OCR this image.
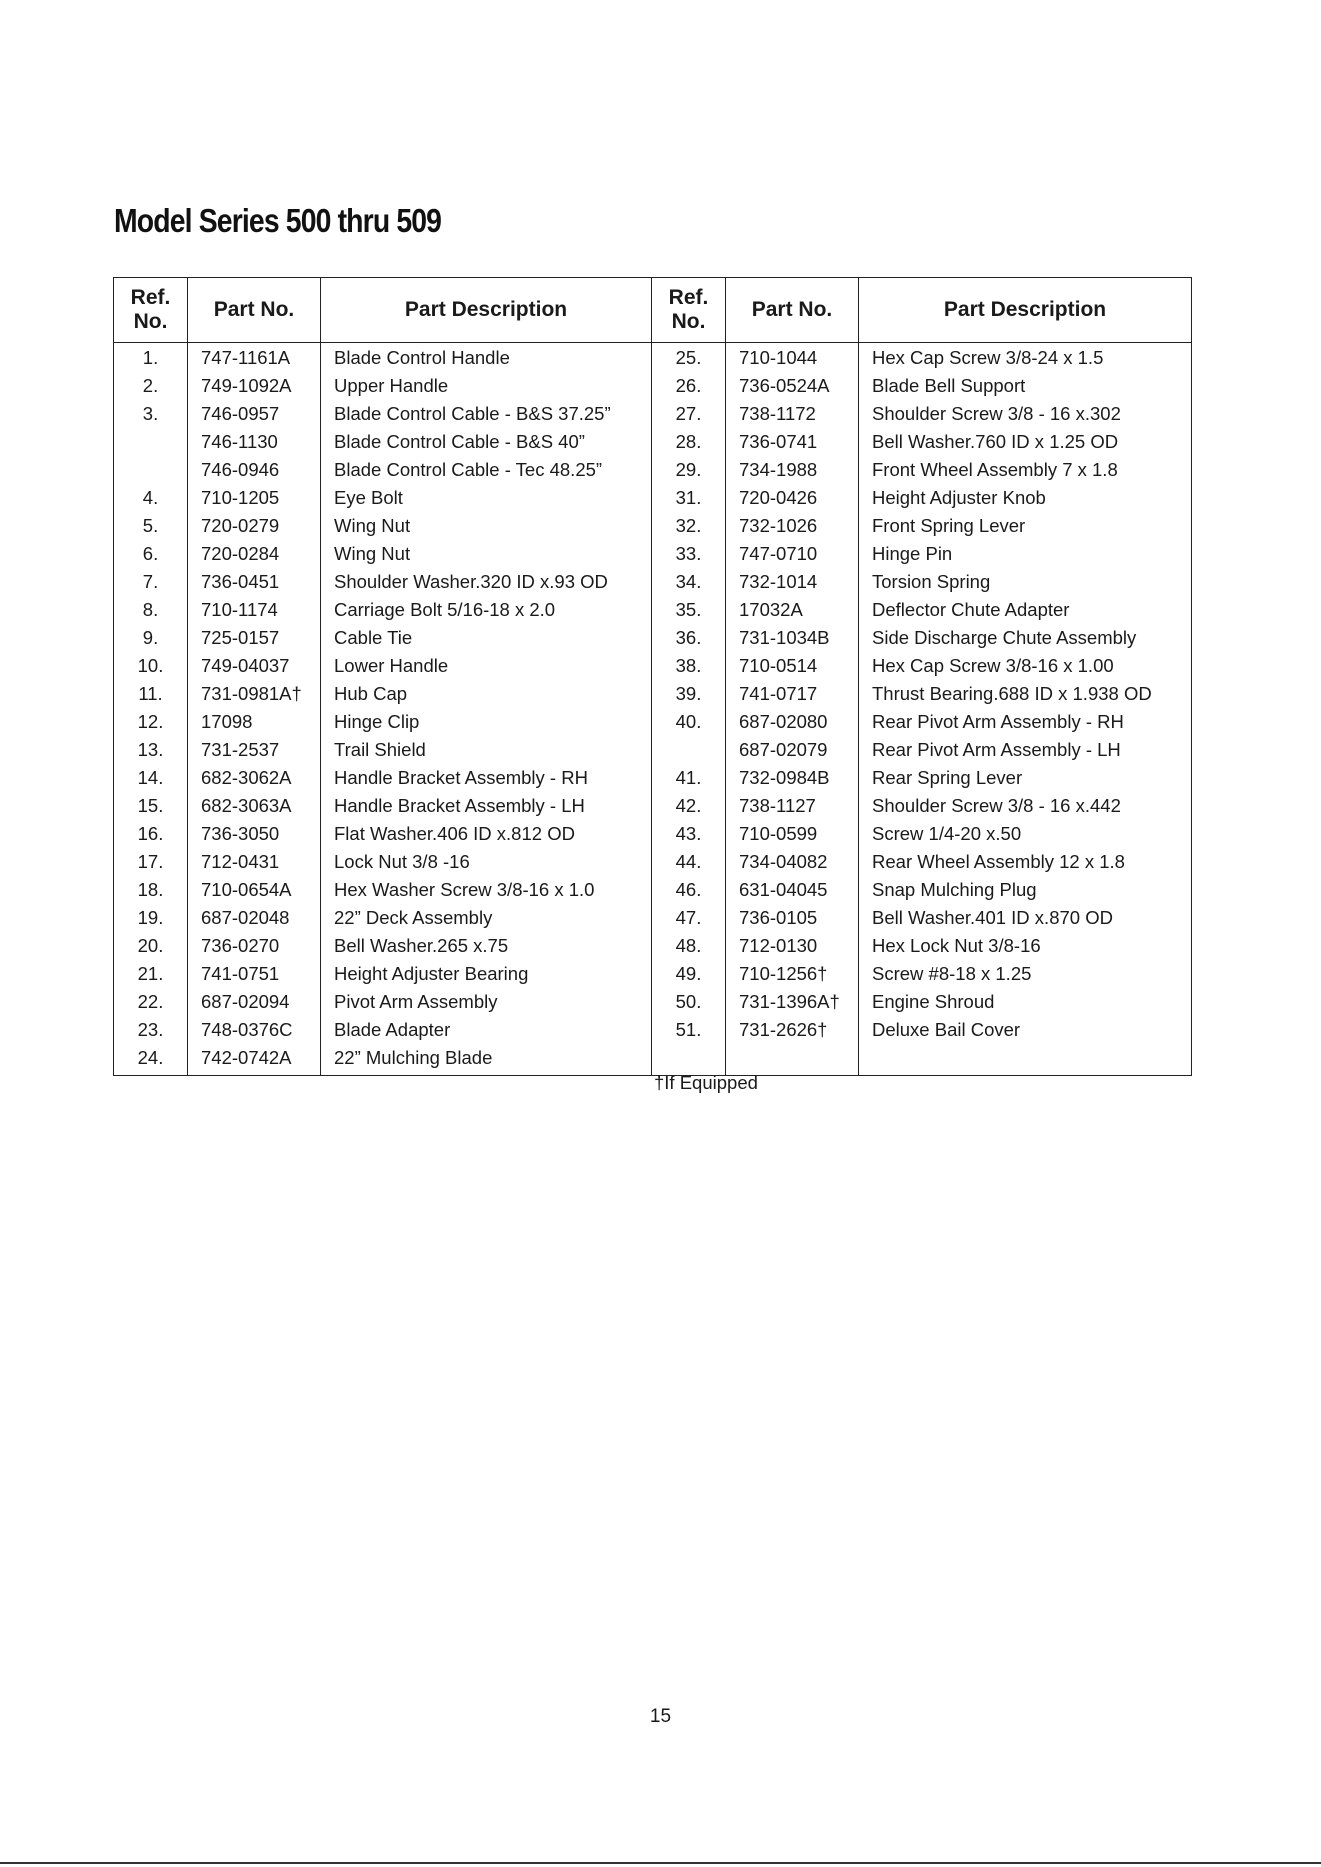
Model Series 500 thru 509
Ref.
No.	Part No.	Part Description	Ref.
No.	Part No.	Part Description
1.	747-1161A	Blade Control Handle	25.	710-1044	Hex Cap Screw 3/8-24 x 1.5
2.	749-1092A	Upper Handle	26.	736-0524A	Blade Bell Support
3.	746-0957	Blade Control Cable - B&S 37.25”	27.	738-1172	Shoulder Screw 3/8 - 16 x.302
	746-1130	Blade Control Cable - B&S 40”	28.	736-0741	Bell Washer.760 ID x 1.25 OD
	746-0946	Blade Control Cable - Tec 48.25”	29.	734-1988	Front Wheel Assembly 7 x 1.8
4.	710-1205	Eye Bolt	31.	720-0426	Height Adjuster Knob
5.	720-0279	Wing Nut	32.	732-1026	Front Spring Lever
6.	720-0284	Wing Nut	33.	747-0710	Hinge Pin
7.	736-0451	Shoulder Washer.320 ID x.93 OD	34.	732-1014	Torsion Spring
8.	710-1174	Carriage Bolt 5/16-18 x 2.0	35.	17032A	Deflector Chute Adapter
9.	725-0157	Cable Tie	36.	731-1034B	Side Discharge Chute Assembly
10.	749-04037	Lower Handle	38.	710-0514	Hex Cap Screw 3/8-16 x 1.00
11.	731-0981A†	Hub Cap	39.	741-0717	Thrust Bearing.688 ID x 1.938 OD
12.	17098	Hinge Clip	40.	687-02080	Rear Pivot Arm Assembly - RH
13.	731-2537	Trail Shield		687-02079	Rear Pivot Arm Assembly - LH
14.	682-3062A	Handle Bracket Assembly - RH	41.	732-0984B	Rear Spring Lever
15.	682-3063A	Handle Bracket Assembly - LH	42.	738-1127	Shoulder Screw 3/8 - 16 x.442
16.	736-3050	Flat Washer.406 ID x.812 OD	43.	710-0599	Screw 1/4-20 x.50
17.	712-0431	Lock Nut 3/8 -16	44.	734-04082	Rear Wheel Assembly 12 x 1.8
18.	710-0654A	Hex Washer Screw 3/8-16 x 1.0	46.	631-04045	Snap Mulching Plug
19.	687-02048	22” Deck Assembly	47.	736-0105	Bell Washer.401 ID x.870 OD
20.	736-0270	Bell Washer.265 x.75	48.	712-0130	Hex Lock Nut 3/8-16
21.	741-0751	Height Adjuster Bearing	49.	710-1256†	Screw #8-18 x 1.25
22.	687-02094	Pivot Arm Assembly	50.	731-1396A†	Engine Shroud
23.	748-0376C	Blade Adapter	51.	731-2626†	Deluxe Bail Cover
24.	742-0742A	22” Mulching Blade			
†If Equipped
15
